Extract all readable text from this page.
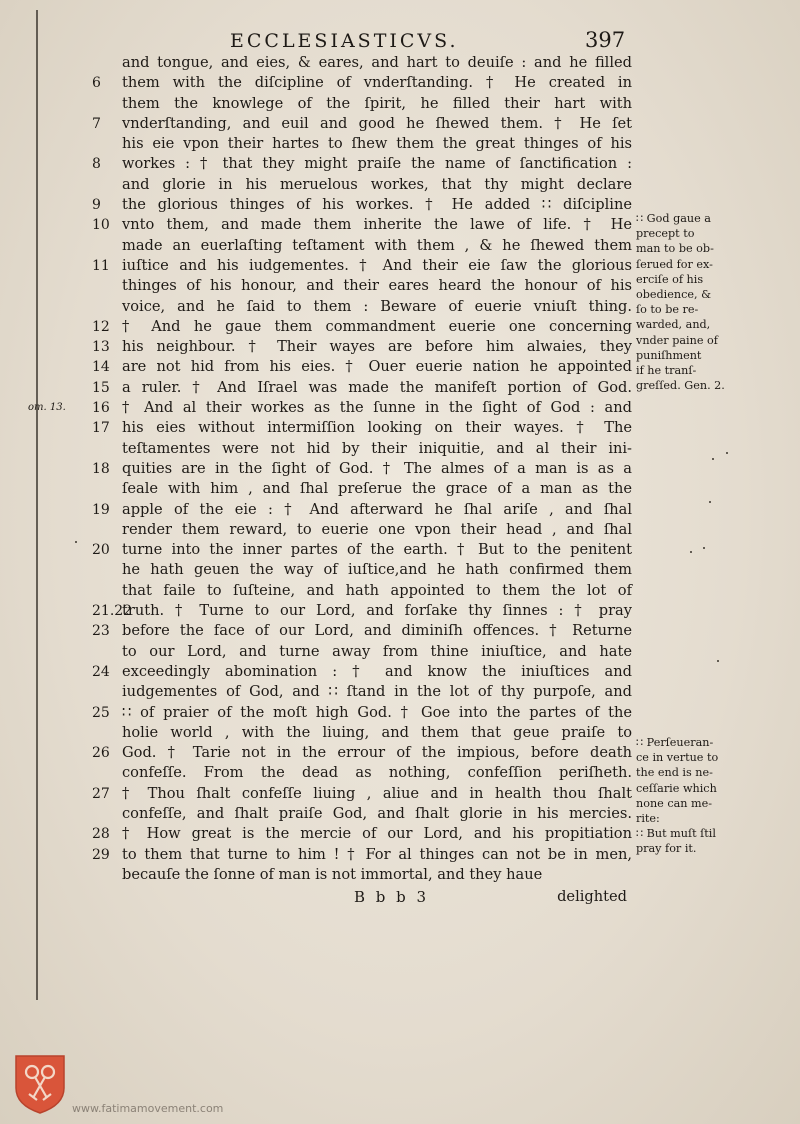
ECCLESIASTICVS.	397
and tongue, and eies, & eares, and hart to deuiſe : and he filled
6	them with the diſcipline of vnderſtanding. † He created in
them the knowlege of the ſpirit, he filled their hart with
7	vnderſtanding, and euil and good he ſhewed them. † He ſet
his eie vpon their hartes to ſhew them the great thinges of his
8	workes : † that they might praiſe the name of ſanctification :
and glorie in his meruelous workes, that thy might declare
9	the glorious thinges of his workes. † He added ∷ diſcipline
10 vnto them, and made them inherite the lawe of life. † He
made an euerlaſting teſtament with them , & he ſhewed them
11 iuſtice and his iudgementes. † And their eie ſaw the glorious
thinges of his honour, and their eares heard the honour of his
voice, and he ſaid to them : Beware of euerie vniuſt thing.
12 † And he gaue them commandment euerie one concerning
13 his neighbour. † Their wayes are before him alwaies, they
14 are not hid from his eies. † Ouer euerie nation he appointed
15 a ruler. † And Iſrael was made the manifeſt portion of God.
16
om. 13.	† And al their workes as the ſunne in the ſight of God : and
17 his eies without intermiſſion looking on their wayes. † The
teſtamentes were not hid by their iniquitie, and al their ini-
18 quities are in the ſight of God. † The almes of a man is as a
ſeale with him , and ſhal preſerue the grace of a man as the
19 apple of the eie : † And afterward he ſhal ariſe , and ſhal
render them reward, to euerie one vpon their head , and ſhal
20 turne into the inner partes of the earth. † But to the penitent
he hath geuen the way of iuſtice,and he hath confirmed them
that faile to ſuſteine, and hath appointed to them the lot of
21.22
truth. † Turne to our Lord, and forſake thy ſinnes : † pray
23 before the face of our Lord, and diminiſh offences. † Returne
to our Lord, and turne away from thine iniuſtice, and hate
24 exceedingly abomination : † and know the iniuſtices and
iudgementes of God, and ∷ ſtand in the lot of thy purpoſe, and
25 ∷ of praier of the moſt high God. † Goe into the partes of the
holie world , with the liuing, and them that geue praiſe to
26 God. † Tarie not in the errour of the impious, before death
confeſſe. From the dead as nothing, confeſſion periſheth.
27 † Thou ſhalt confeſſe liuing , aliue and in health thou ſhalt
confeſſe, and ſhalt praiſe God, and ſhalt glorie in his mercies.
28 † How great is the mercie of our Lord, and his propitiation
29 to them that turne to him ! † For al thinges can not be in men,
becauſe the ſonne of man is not immortal, and they haue
B b b 3	delighted
∷ God gaue a
precept to
man to be ob-
ſerued for ex-
erciſe of his
obedience, &
ſo to be re-
warded, and,
vnder paine of
puniſhment
if he tranſ-
greſſed. Gen. 2.
∷ Perſeueran-
ce in vertue to
the end is ne-
ceſſarie which
none can me-
rite:
∷ But muſt ſtil
pray for it.
www.fatimamovement.com
